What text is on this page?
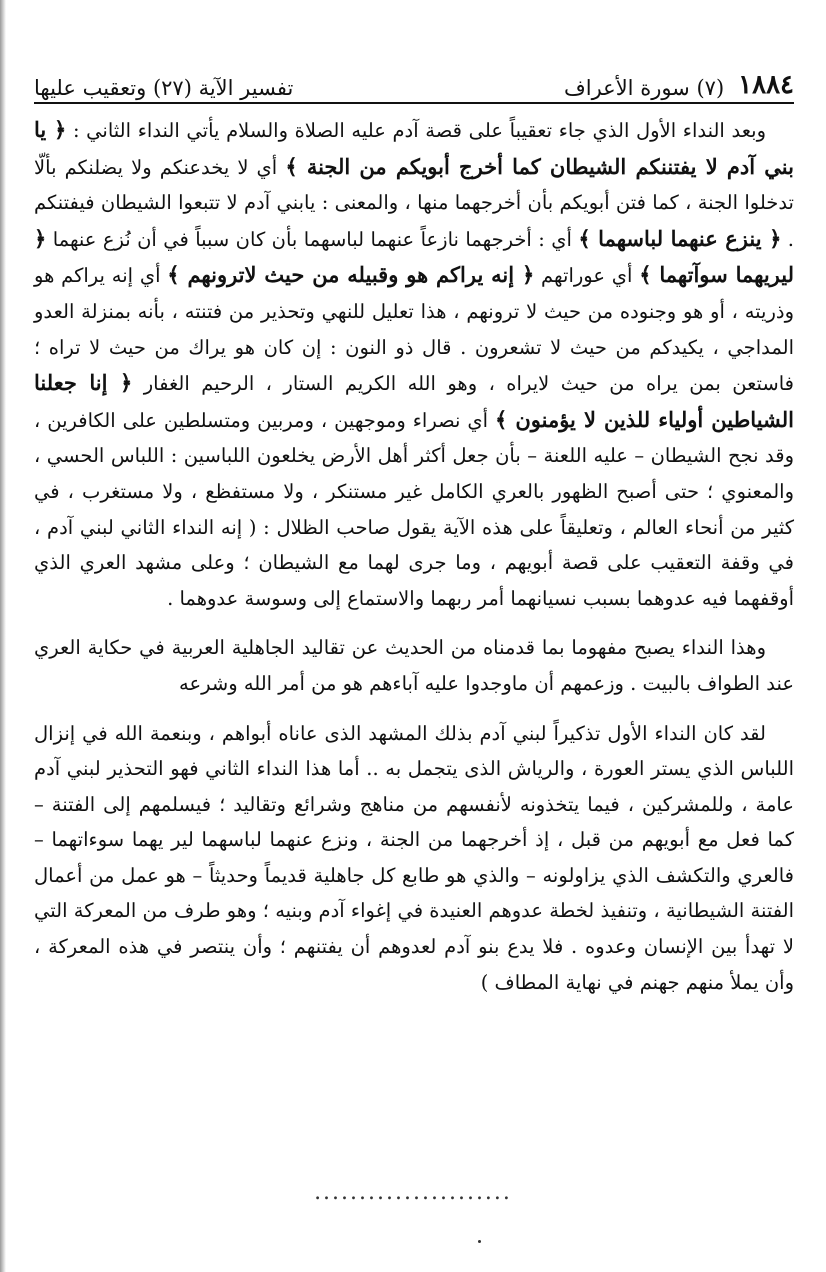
١٨٨٤
(٧) سورة الأعراف
تفسير الآية (٢٧) وتعقيب عليها

وبعد النداء الأول الذي جاء تعقيباً على قصة آدم عليه الصلاة والسلام يأتي النداء الثاني : ﴿ يا بني آدم لا يفتننكم الشيطان كما أخرج أبويكم من الجنة ﴾ أي لا يخدعنكم ولا يضلنكم بألّا تدخلوا الجنة ، كما فتن أبويكم بأن أخرجهما منها ، والمعنى : يابني آدم لا تتبعوا الشيطان فيفتنكم . ﴿ ينزع عنهما لباسهما ﴾ أي : أخرجهما نازعاً عنهما لباسهما بأن كان سبباً في أن نُزع عنهما ﴿ ليريهما سوآتهما ﴾ أي عوراتهم ﴿ إنه يراكم هو وقبيله من حيث لاترونهم ﴾ أي إنه يراكم هو وذريته ، أو هو وجنوده من حيث لا ترونهم ، هذا تعليل للنهي وتحذير من فتنته ، بأنه بمنزلة العدو المداجي ، يكيدكم من حيث لا تشعرون . قال ذو النون : إن كان هو يراك من حيث لا تراه ؛ فاستعن بمن يراه من حيث لايراه ، وهو الله الكريم الستار ، الرحيم الغفار ﴿ إنا جعلنا الشياطين أولياء للذين لا يؤمنون ﴾ أي نصراء وموجهين ، ومربين ومتسلطين على الكافرين ، وقد نجح الشيطان – عليه اللعنة – بأن جعل أكثر أهل الأرض يخلعون اللباسين : اللباس الحسي ، والمعنوي ؛ حتى أصبح الظهور بالعري الكامل غير مستنكر ، ولا مستفظع ، ولا مستغرب ، في كثير من أنحاء العالم ، وتعليقاً على هذه الآية يقول صاحب الظلال : ( إنه النداء الثاني لبني آدم ، في وقفة التعقيب على قصة أبويهم ، وما جرى لهما مع الشيطان ؛ وعلى مشهد العري الذي أوقفهما فيه عدوهما بسبب نسيانهما أمر ربهما والاستماع إلى وسوسة عدوهما .

وهذا النداء يصبح مفهوما بما قدمناه من الحديث عن تقاليد الجاهلية العربية في حكاية العري عند الطواف بالبيت . وزعمهم أن ماوجدوا عليه آباءهم هو من أمر الله وشرعه

لقد كان النداء الأول تذكيراً لبني آدم بذلك المشهد الذى عاناه أبواهم ، وبنعمة الله في إنزال اللباس الذي يستر العورة ، والرياش الذى يتجمل به .. أما هذا النداء الثاني فهو التحذير لبني آدم عامة ، وللمشركين ، فيما يتخذونه لأنفسهم من مناهج وشرائع وتقاليد ؛ فيسلمهم إلى الفتنة – كما فعل مع أبويهم من قبل ، إذ أخرجهما من الجنة ، ونزع عنهما لباسهما لير يهما سوءاتهما – فالعري والتكشف الذي يزاولونه – والذي هو طابع كل جاهلية قديماً وحديثاً – هو عمل من أعمال الفتنة الشيطانية ، وتنفيذ لخطة عدوهم العنيدة في إغواء آدم وبنيه ؛ وهو طرف من المعركة التي لا تهدأ بين الإنسان وعدوه . فلا يدع بنو آدم لعدوهم أن يفتنهم ؛ وأن ينتصر في هذه المعركة ، وأن يملأ منهم جهنم في نهاية المطاف )

......................
